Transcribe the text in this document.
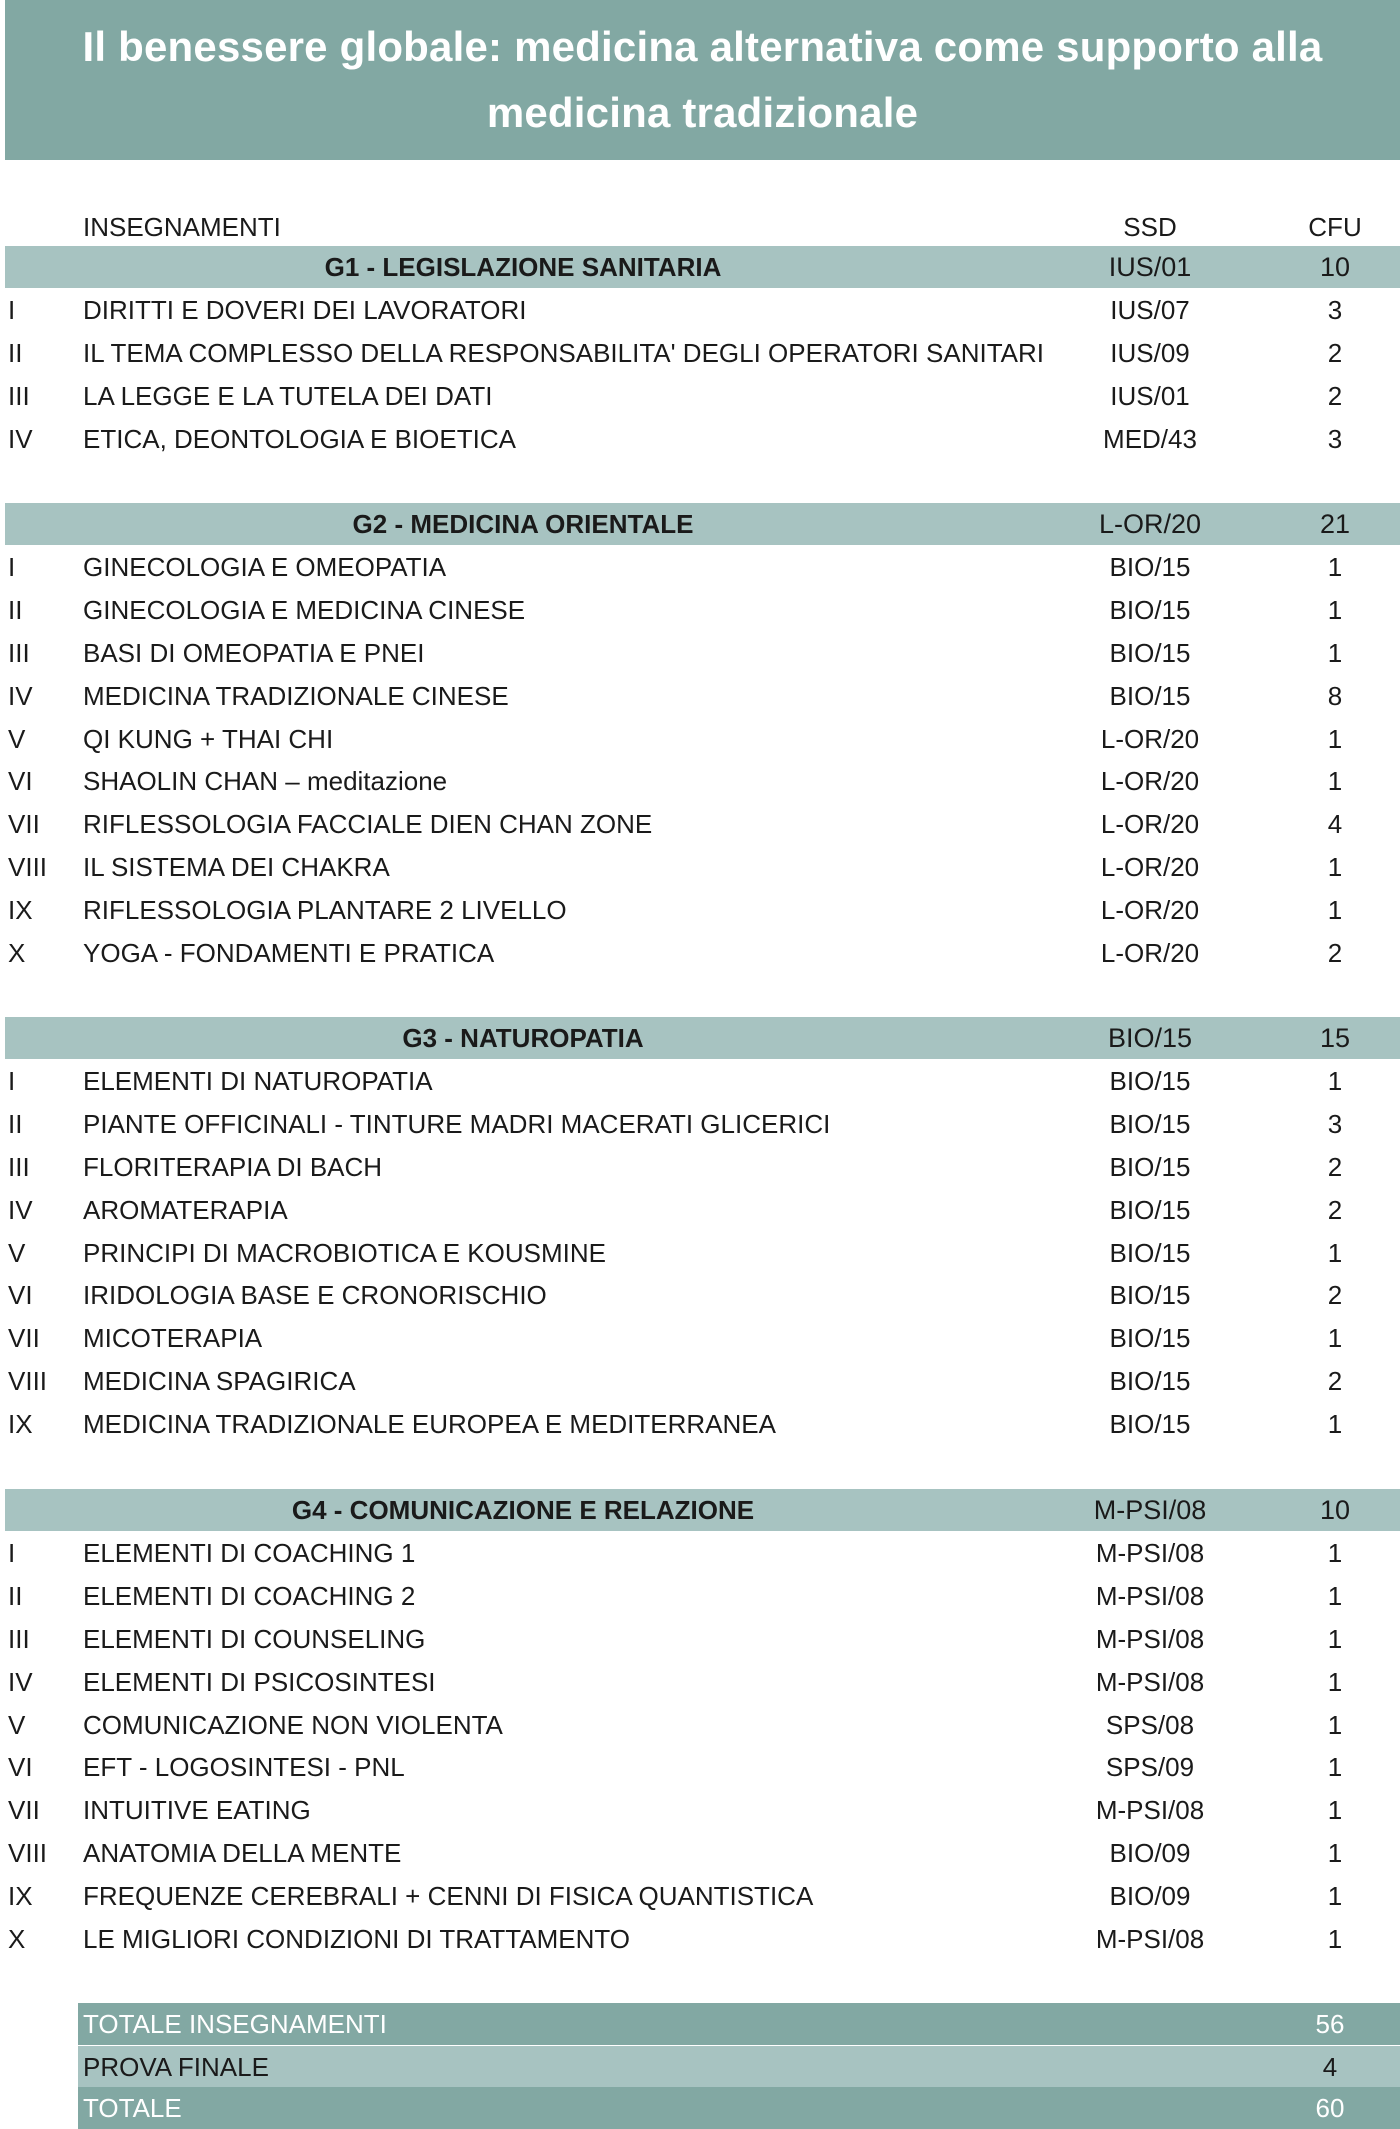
Il benessere globale: medicina alternativa come supporto alla medicina tradizionale
INSEGNAMENTI	SSD	CFU
G1 - LEGISLAZIONE SANITARIA	IUS/01	10
I	DIRITTI E DOVERI DEI LAVORATORI	IUS/07	3
II IL TEMA COMPLESSO DELLA RESPONSABILITA' DEGLI OPERATORI SANITARI	IUS/09	2
III LA LEGGE E LA TUTELA DEI DATI	IUS/01	2
IV ETICA, DEONTOLOGIA E BIOETICA	MED/43	3
G2 - MEDICINA ORIENTALE	L-OR/20	21
I	GINECOLOGIA E OMEOPATIA	BIO/15	1
II GINECOLOGIA E MEDICINA CINESE	BIO/15	1
III BASI DI OMEOPATIA E PNEI	BIO/15	1
IV MEDICINA TRADIZIONALE CINESE	BIO/15	8
V QI KUNG + THAI CHI	L-OR/20	1
VI SHAOLIN CHAN – meditazione	L-OR/20	1
VII RIFLESSOLOGIA FACCIALE DIEN CHAN ZONE	L-OR/20	4
VIII IL SISTEMA DEI CHAKRA	L-OR/20	1
IX RIFLESSOLOGIA PLANTARE 2 LIVELLO	L-OR/20	1
X YOGA - FONDAMENTI E PRATICA	L-OR/20	2
G3 - NATUROPATIA	BIO/15	15
I	ELEMENTI DI NATUROPATIA	BIO/15	1
II PIANTE OFFICINALI - TINTURE MADRI MACERATI GLICERICI	BIO/15	3
III FLORITERAPIA DI BACH	BIO/15	2
IV AROMATERAPIA	BIO/15	2
V PRINCIPI DI MACROBIOTICA E KOUSMINE	BIO/15	1
VI IRIDOLOGIA BASE E CRONORISCHIO	BIO/15	2
VII MICOTERAPIA	BIO/15	1
VIII MEDICINA SPAGIRICA	BIO/15	2
IX MEDICINA TRADIZIONALE EUROPEA E MEDITERRANEA	BIO/15	1
G4 - COMUNICAZIONE E RELAZIONE	M-PSI/08	10
I	ELEMENTI DI COACHING 1	M-PSI/08	1
II ELEMENTI DI COACHING 2	M-PSI/08	1
III ELEMENTI DI COUNSELING	M-PSI/08	1
IV ELEMENTI DI PSICOSINTESI	M-PSI/08	1
V COMUNICAZIONE NON VIOLENTA	SPS/08	1
VI EFT - LOGOSINTESI - PNL	SPS/09	1
VII INTUITIVE EATING	M-PSI/08	1
VIII ANATOMIA DELLA MENTE	BIO/09	1
IX FREQUENZE CEREBRALI + CENNI DI FISICA QUANTISTICA	BIO/09	1
X LE MIGLIORI CONDIZIONI DI TRATTAMENTO	M-PSI/08	1
TOTALE INSEGNAMENTI	56
PROVA FINALE	4
TOTALE	60
